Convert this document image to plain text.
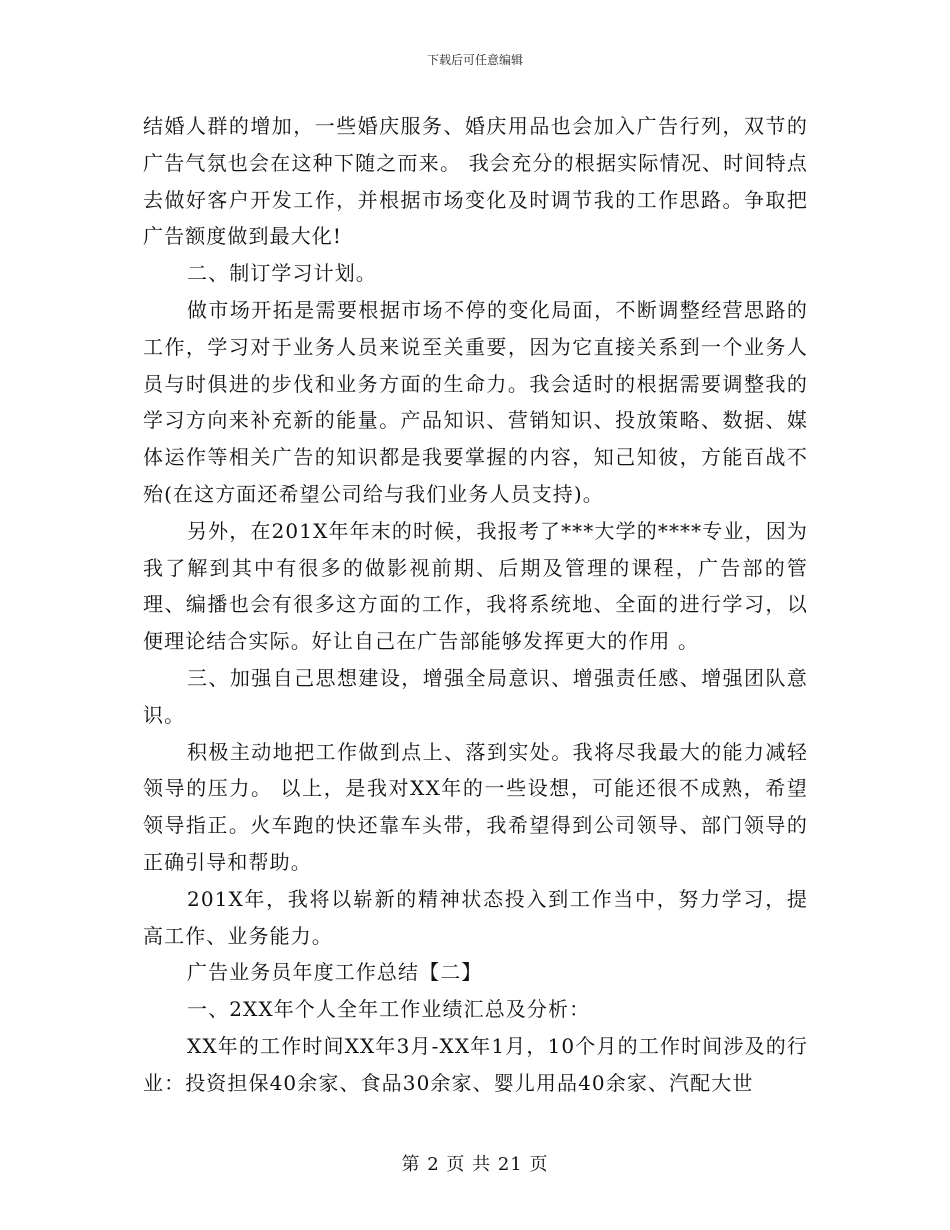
下载后可任意编辑

结婚人群的增加，一些婚庆服务、婚庆用品也会加入广告行列，双节的广告气氛也会在这种下随之而来。 我会充分的根据实际情况、时间特点去做好客户开发工作，并根据市场变化及时调节我的工作思路。争取把广告额度做到最大化!

二、制订学习计划。

做市场开拓是需要根据市场不停的变化局面，不断调整经营思路的工作，学习对于业务人员来说至关重要，因为它直接关系到一个业务人员与时俱进的步伐和业务方面的生命力。我会适时的根据需要调整我的学习方向来补充新的能量。产品知识、营销知识、投放策略、数据、媒体运作等相关广告的知识都是我要掌握的内容，知己知彼，方能百战不殆(在这方面还希望公司给与我们业务人员支持)。

另外，在201X年年末的时候，我报考了***大学的****专业，因为我了解到其中有很多的做影视前期、后期及管理的课程，广告部的管理、编播也会有很多这方面的工作，我将系统地、全面的进行学习，以便理论结合实际。好让自己在广告部能够发挥更大的作用 。

三、加强自己思想建设，增强全局意识、增强责任感、增强团队意识。

积极主动地把工作做到点上、落到实处。我将尽我最大的能力减轻领导的压力。 以上，是我对XX年的一些设想，可能还很不成熟，希望领导指正。火车跑的快还靠车头带，我希望得到公司领导、部门领导的正确引导和帮助。

201X年，我将以崭新的精神状态投入到工作当中，努力学习，提高工作、业务能力。

广告业务员年度工作总结【二】

一、2XX年个人全年工作业绩汇总及分析：

XX年的工作时间XX年3月-XX年1月，10个月的工作时间涉及的行业：投资担保40余家、食品30余家、婴儿用品40余家、汽配大世

第 2 页 共 21 页
